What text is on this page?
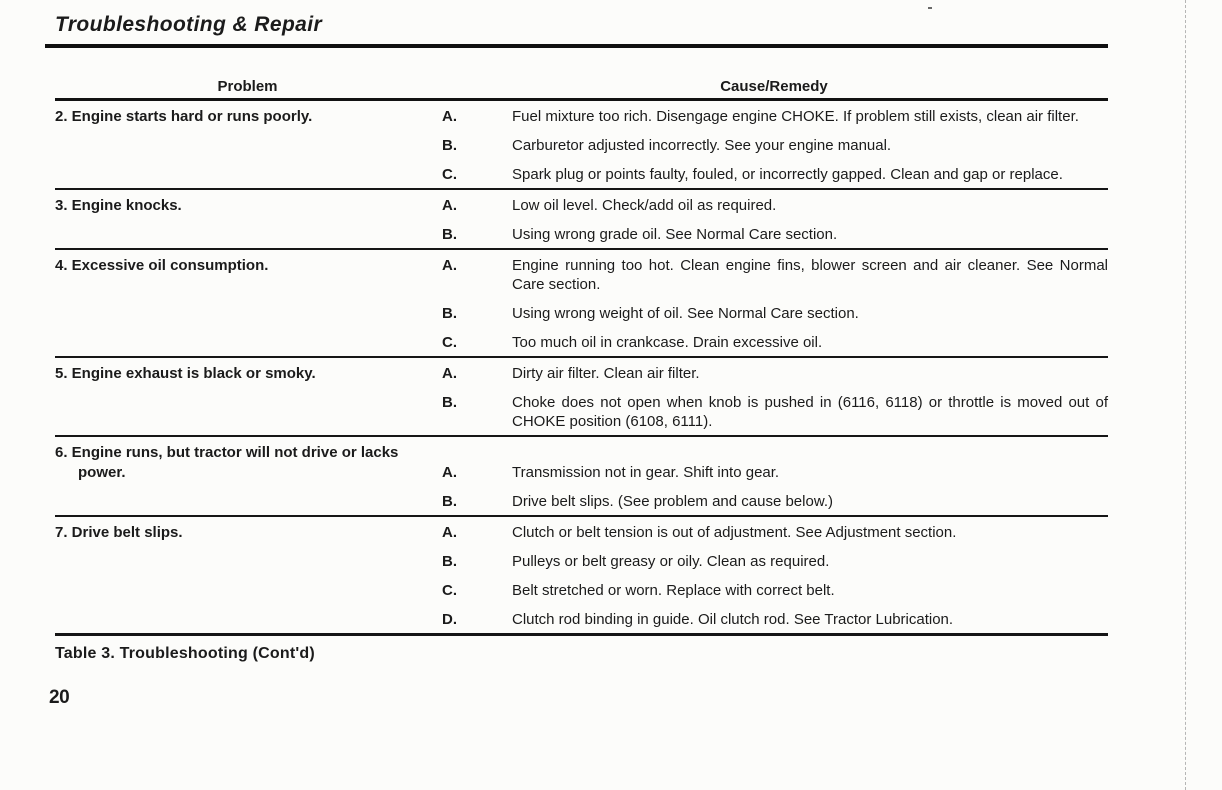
Troubleshooting & Repair
Problem	Cause/Remedy
2. Engine starts hard or runs poorly.	A.	Fuel mixture too rich. Disengage engine CHOKE. If problem still exists, clean air filter.
B.	Carburetor adjusted incorrectly. See your engine manual.
C.	Spark plug or points faulty, fouled, or incorrectly gapped. Clean and gap or replace.
3. Engine knocks.	A.	Low oil level. Check/add oil as required.
B.	Using wrong grade oil. See Normal Care section.
4. Excessive oil consumption.	A.	Engine running too hot. Clean engine fins, blower screen and air cleaner. See Normal Care section.
B.	Using wrong weight of oil. See Normal Care section.
C.	Too much oil in crankcase. Drain excessive oil.
5. Engine exhaust is black or smoky.	A.	Dirty air filter. Clean air filter.
B.	Choke does not open when knob is pushed in (6116, 6118) or throttle is moved out of CHOKE position (6108, 6111).
6. Engine runs, but tractor will not drive or lacks power.	A.	Transmission not in gear. Shift into gear.
B.	Drive belt slips. (See problem and cause below.)
7. Drive belt slips.	A.	Clutch or belt tension is out of adjustment. See Adjustment section.
B.	Pulleys or belt greasy or oily. Clean as required.
C.	Belt stretched or worn. Replace with correct belt.
D.	Clutch rod binding in guide. Oil clutch rod. See Tractor Lubrication.
Table 3. Troubleshooting (Cont'd)
20
